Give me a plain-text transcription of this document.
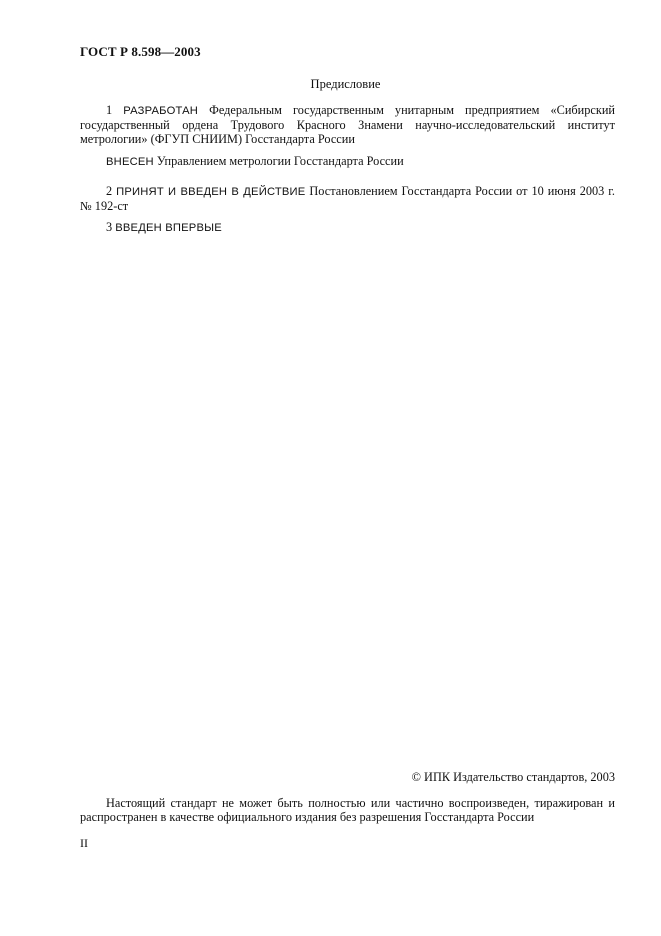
ГОСТ Р 8.598—2003
Предисловие
1 РАЗРАБОТАН Федеральным государственным унитарным предприятием «Сибирский государственный ордена Трудового Красного Знамени научно-исследовательский институт метрологии» (ФГУП СНИИМ) Госстандарта России
ВНЕСЕН Управлением метрологии Госстандарта России
2 ПРИНЯТ И ВВЕДЕН В ДЕЙСТВИЕ Постановлением Госстандарта России от 10 июня 2003 г. № 192-ст
3 ВВЕДЕН ВПЕРВЫЕ
© ИПК Издательство стандартов, 2003
Настоящий стандарт не может быть полностью или частично воспроизведен, тиражирован и распространен в качестве официального издания без разрешения Госстандарта России
II
